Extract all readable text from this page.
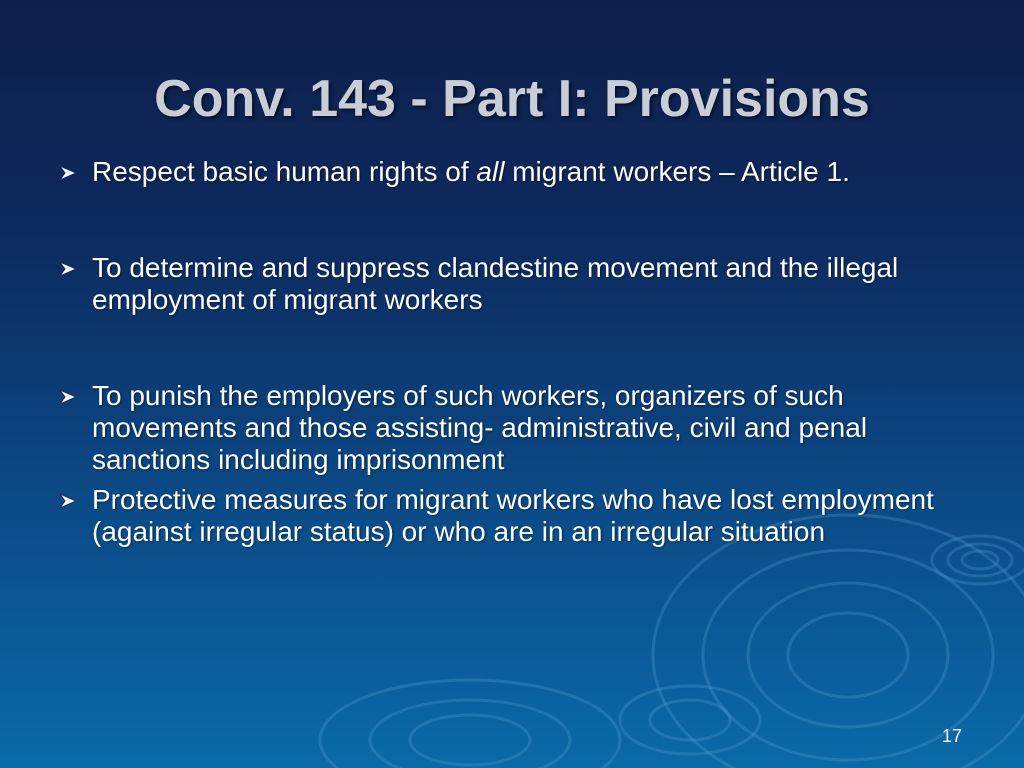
Conv. 143 - Part I: Provisions
Respect basic human rights of all migrant workers – Article 1.
To determine and suppress clandestine movement and the illegal employment of migrant workers
To punish the employers of such workers, organizers of such movements and those assisting- administrative, civil and penal sanctions including imprisonment
Protective measures for migrant workers who have lost employment (against irregular status) or who are in an irregular situation
17
